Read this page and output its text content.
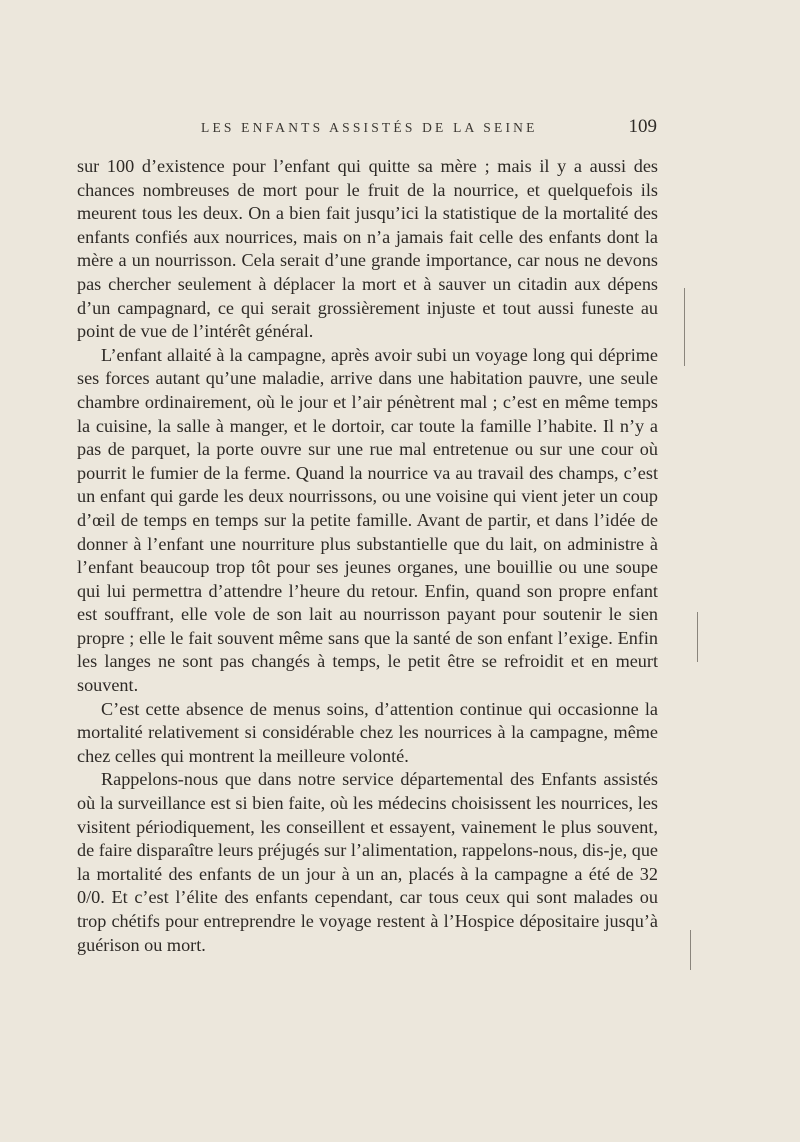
LES ENFANTS ASSISTÉS DE LA SEINE	109

sur 100 d’existence pour l’enfant qui quitte sa mère ; mais il y a aussi des chances nombreuses de mort pour le fruit de la nourrice, et quelquefois ils meurent tous les deux. On a bien fait jusqu’ici la statistique de la mortalité des enfants confiés aux nourrices, mais on n’a jamais fait celle des enfants dont la mère a un nourrisson. Cela serait d’une grande importance, car nous ne devons pas chercher seulement à déplacer la mort et à sauver un citadin aux dépens d’un campagnard, ce qui serait grossièrement injuste et tout aussi funeste au point de vue de l’intérêt général.

L’enfant allaité à la campagne, après avoir subi un voyage long qui déprime ses forces autant qu’une maladie, arrive dans une habitation pauvre, une seule chambre ordinairement, où le jour et l’air pénètrent mal ; c’est en même temps la cuisine, la salle à manger, et le dortoir, car toute la famille l’habite. Il n’y a pas de parquet, la porte ouvre sur une rue mal entretenue ou sur une cour où pourrit le fumier de la ferme. Quand la nourrice va au travail des champs, c’est un enfant qui garde les deux nourrissons, ou une voisine qui vient jeter un coup d’œil de temps en temps sur la petite famille. Avant de partir, et dans l’idée de donner à l’enfant une nourriture plus substantielle que du lait, on administre à l’enfant beaucoup trop tôt pour ses jeunes organes, une bouillie ou une soupe qui lui permettra d’attendre l’heure du retour. Enfin, quand son propre enfant est souffrant, elle vole de son lait au nourrisson payant pour soutenir le sien propre ; elle le fait souvent même sans que la santé de son enfant l’exige. Enfin les langes ne sont pas changés à temps, le petit être se refroidit et en meurt souvent.

C’est cette absence de menus soins, d’attention continue qui occasionne la mortalité relativement si considérable chez les nourrices à la campagne, même chez celles qui montrent la meilleure volonté.

Rappelons-nous que dans notre service départemental des Enfants assistés où la surveillance est si bien faite, où les médecins choisissent les nourrices, les visitent périodiquement, les conseillent et essayent, vainement le plus souvent, de faire disparaître leurs préjugés sur l’alimentation, rappelons-nous, dis-je, que la mortalité des enfants de un jour à un an, placés à la campagne a été de 32 0/0. Et c’est l’élite des enfants cependant, car tous ceux qui sont malades ou trop chétifs pour entreprendre le voyage restent à l’Hospice dépositaire jusqu’à guérison ou mort.
